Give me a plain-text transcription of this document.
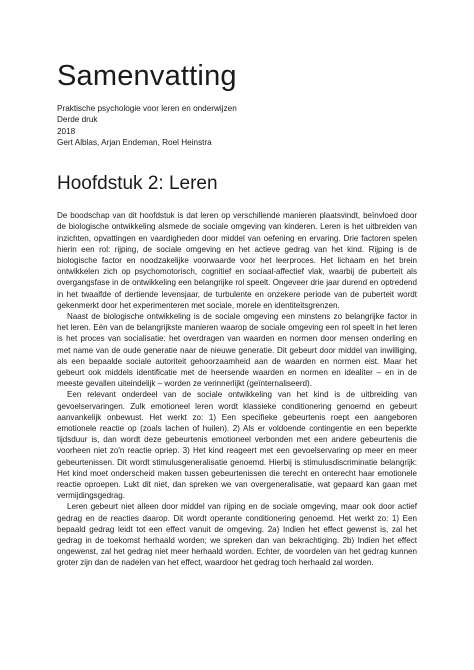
Samenvatting

Praktische psychologie voor leren en onderwijzen

Derde druk

2018

Gert Alblas, Arjan Endeman, Roel Heinstra

Hoofdstuk 2: Leren

De boodschap van dit hoofdstuk is dat leren op verschillende manieren plaatsvindt, beïnvloed door de biologische ontwikkeling alsmede de sociale omgeving van kinderen. Leren is het uitbreiden van inzichten, opvattingen en vaardigheden door middel van oefening en ervaring. Drie factoren spelen hierin een rol: rijping, de sociale omgeving en het actieve gedrag van het kind. Rijping is de biologische factor en noodzakelijke voorwaarde voor het leerproces. Het lichaam en het brein ontwikkelen zich op psychomotorisch, cognitief en sociaal-affectief vlak, waarbij de puberteit als overgangsfase in de ontwikkeling een belangrijke rol speelt. Ongeveer drie jaar durend en optredend in het twaalfde of dertiende levensjaar, de turbulente en onzekere periode van de puberteit wordt gekenmerkt door het experimenteren met sociale, morele en identiteitsgrenzen.

Naast de biologische ontwikkeling is de sociale omgeving een minstens zo belangrijke factor in het leren. Eén van de belangrijkste manieren waarop de sociale omgeving een rol speelt in het leren is het proces van socialisatie: het overdragen van waarden en normen door mensen onderling en met name van de oude generatie naar de nieuwe generatie. Dit gebeurt door middel van inwilliging, als een bepaalde sociale autoriteit gehoorzaamheid aan de waarden en normen eist. Maar het gebeurt ook middels identificatie met de heersende waarden en normen en idealiter – en in de meeste gevallen uiteindelijk – worden ze verinnerlijkt (geïnternaliseerd).

Een relevant onderdeel van de sociale ontwikkeling van het kind is de uitbreiding van gevoelservaringen. Zulk emotioneel leren wordt klassieke conditionering genoemd en gebeurt aanvankelijk onbewust. Het werkt zo: 1) Een specifieke gebeurtenis roept een aangeboren emotionele reactie op (zoals lachen of huilen). 2) Als er voldoende contingentie en een beperkte tijdsduur is, dan wordt deze gebeurtenis emotioneel verbonden met een andere gebeurtenis die voorheen niet zo'n reactie opriep. 3) Het kind reageert met een gevoelservaring op meer en meer gebeurtenissen. Dit wordt stimulusgeneralisatie genoemd. Hierbij is stimulusdiscriminatie belangrijk: Het kind moet onderscheid maken tussen gebeurtenissen die terecht en onterecht haar emotionele reactie oproepen. Lukt dit niet, dan spreken we van overgeneralisatie, wat gepaard kan gaan met vermijdingsgedrag.

Leren gebeurt niet alleen door middel van rijping en de sociale omgeving, maar ook door actief gedrag en de reacties daarop. Dit wordt operante conditionering genoemd. Het werkt zo: 1) Een bepaald gedrag leidt tot een effect vanuit de omgeving. 2a) Indien het effect gewenst is, zal het gedrag in de toekomst herhaald worden; we spreken dan van bekrachtiging. 2b) Indien het effect ongewenst, zal het gedrag niet meer herhaald worden. Echter, de voordelen van het gedrag kunnen groter zijn dan de nadelen van het effect, waardoor het gedrag toch herhaald zal worden.
